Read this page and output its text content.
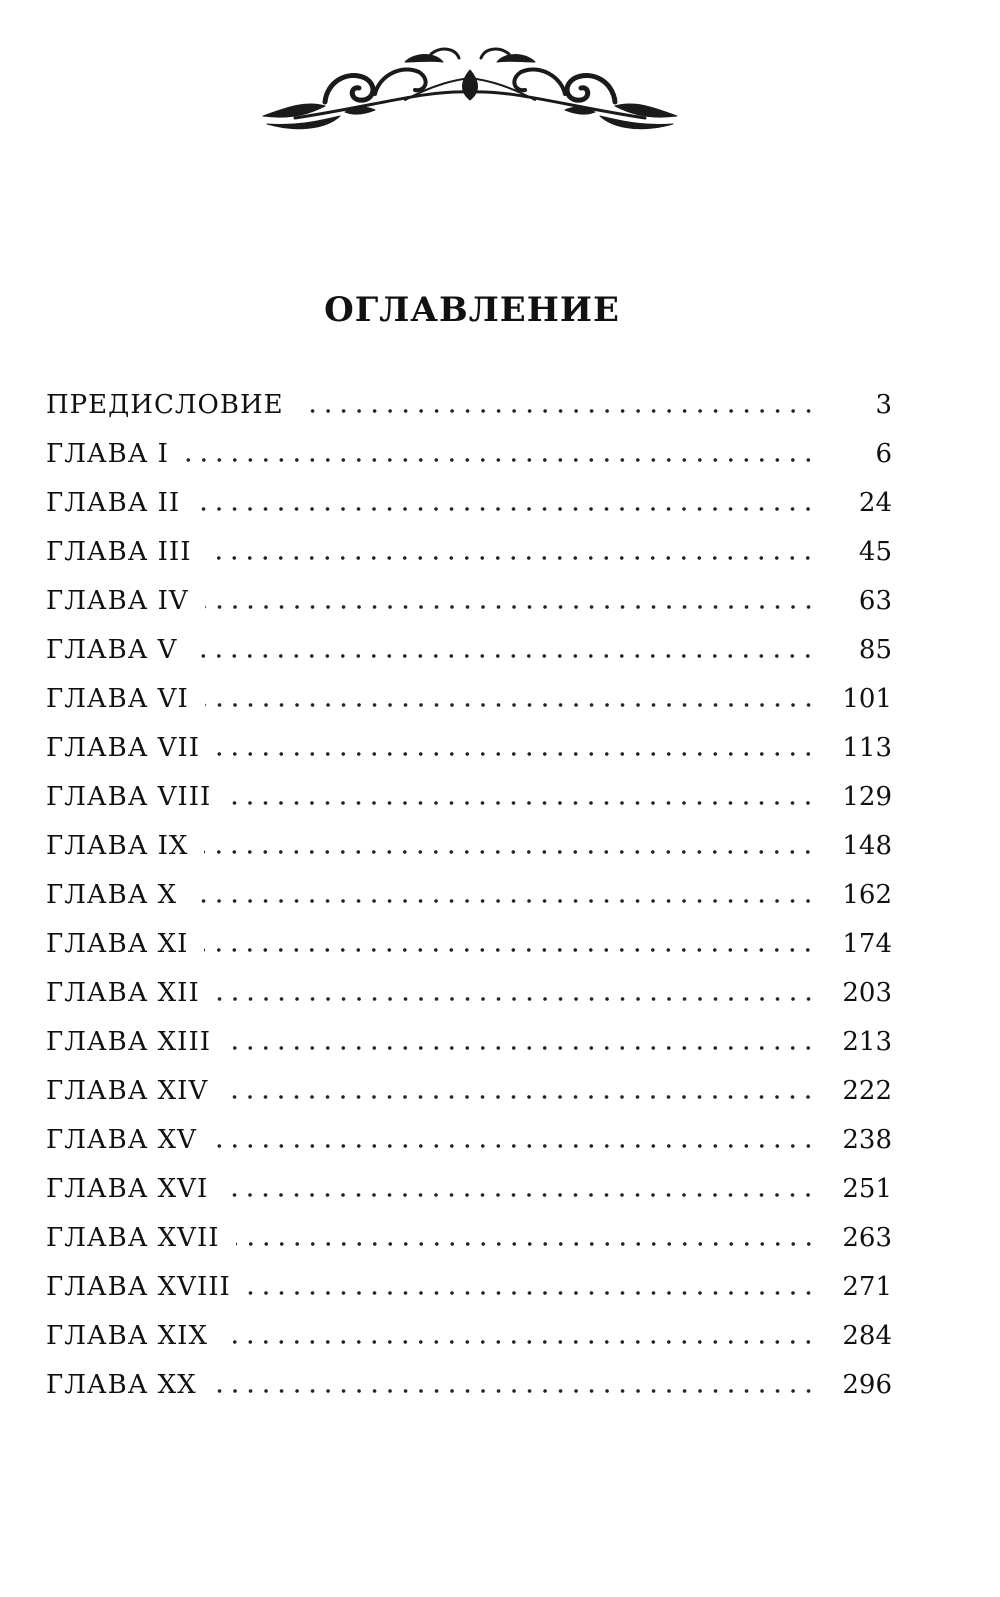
ОГЛАВЛЕНИЕ
ПРЕДИСЛОВИЕ	3
ГЛАВА I	6
ГЛАВА II	24
ГЛАВА III	45
ГЛАВА IV	63
ГЛАВА V	85
ГЛАВА VI	101
ГЛАВА VII	113
ГЛАВА VIII	129
ГЛАВА IX	148
ГЛАВА X	162
ГЛАВА XI	174
ГЛАВА XII	203
ГЛАВА XIII	213
ГЛАВА XIV	222
ГЛАВА XV	238
ГЛАВА XVI	251
ГЛАВА XVII	263
ГЛАВА XVIII	271
ГЛАВА XIX	284
ГЛАВА XX	296
